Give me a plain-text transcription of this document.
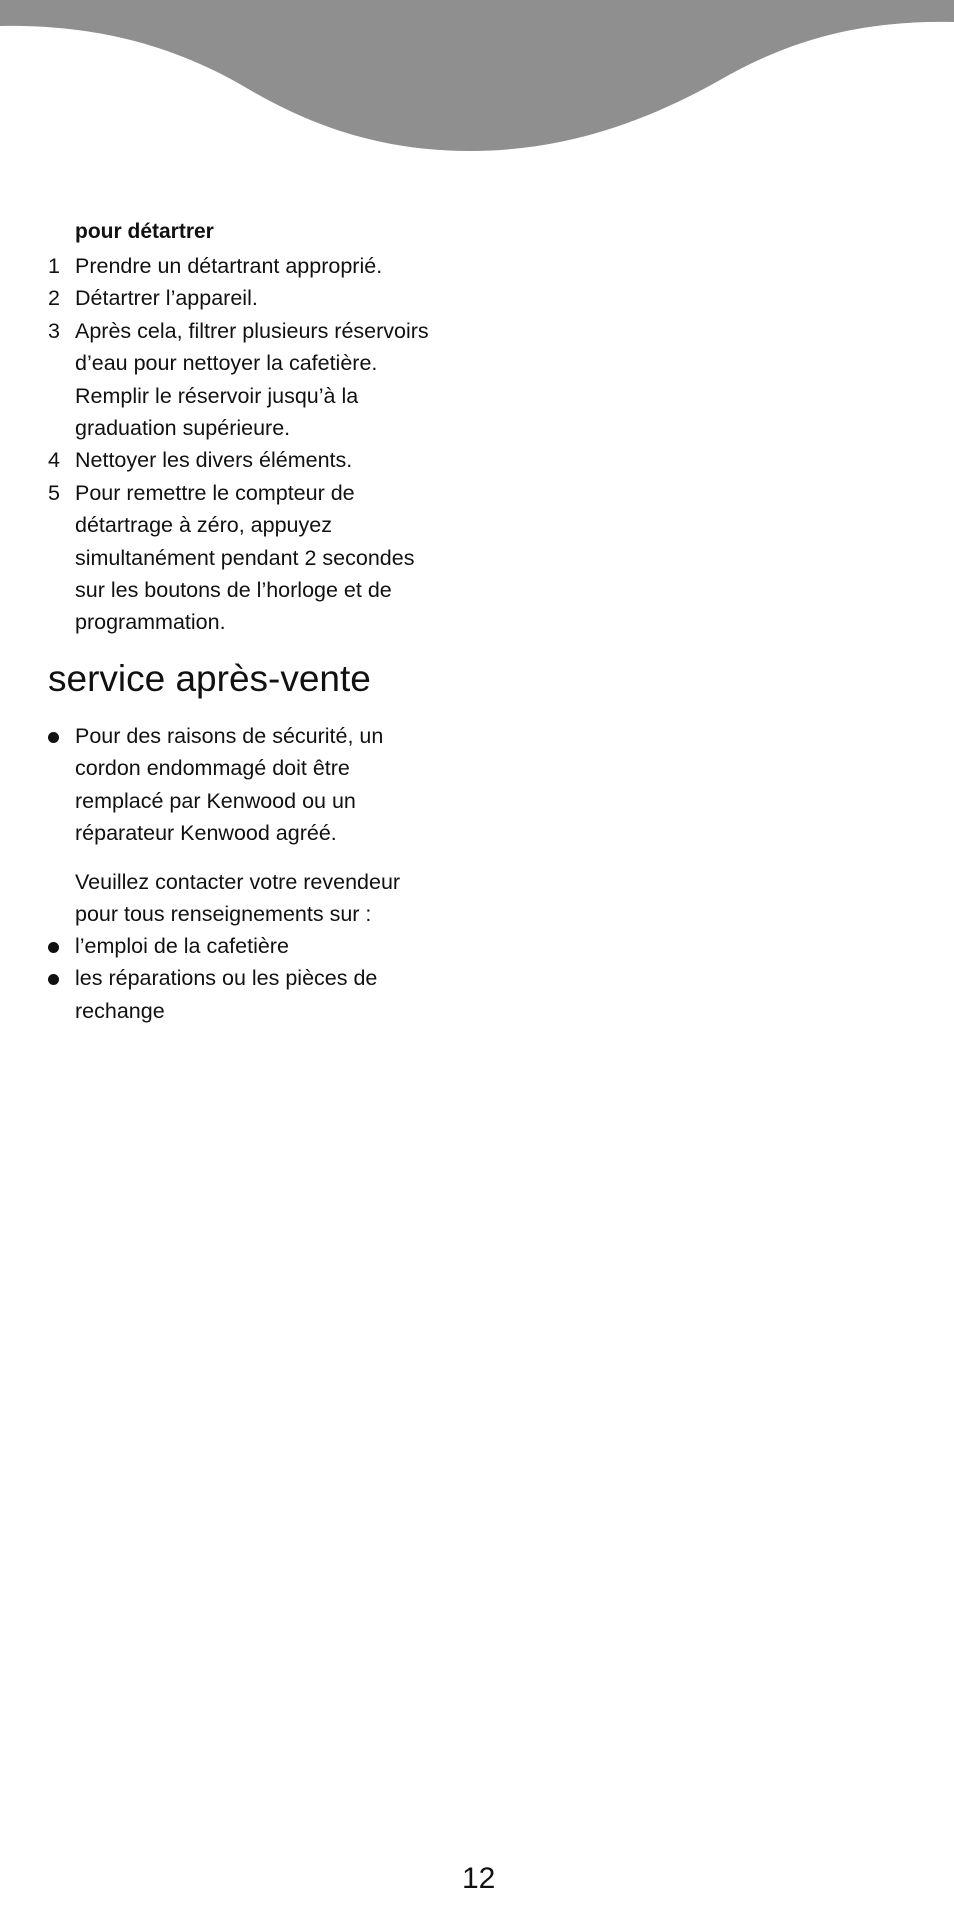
pour détartrer
1 Prendre un détartrant approprié.
2 Détartrer l’appareil.
3 Après cela, filtrer plusieurs réservoirs
d’eau pour nettoyer la cafetière.
Remplir le réservoir jusqu’à la
graduation supérieure.
4 Nettoyer les divers éléments.
5 Pour remettre le compteur de
détartrage à zéro, appuyez
simultanément pendant 2 secondes
sur les boutons de l’horloge et de
programmation.
service après-vente
Pour des raisons de sécurité, un
cordon endommagé doit être
remplacé par Kenwood ou un
réparateur Kenwood agréé.
Veuillez contacter votre revendeur
pour tous renseignements sur :
l’emploi de la cafetière
les réparations ou les pièces de
rechange
12
